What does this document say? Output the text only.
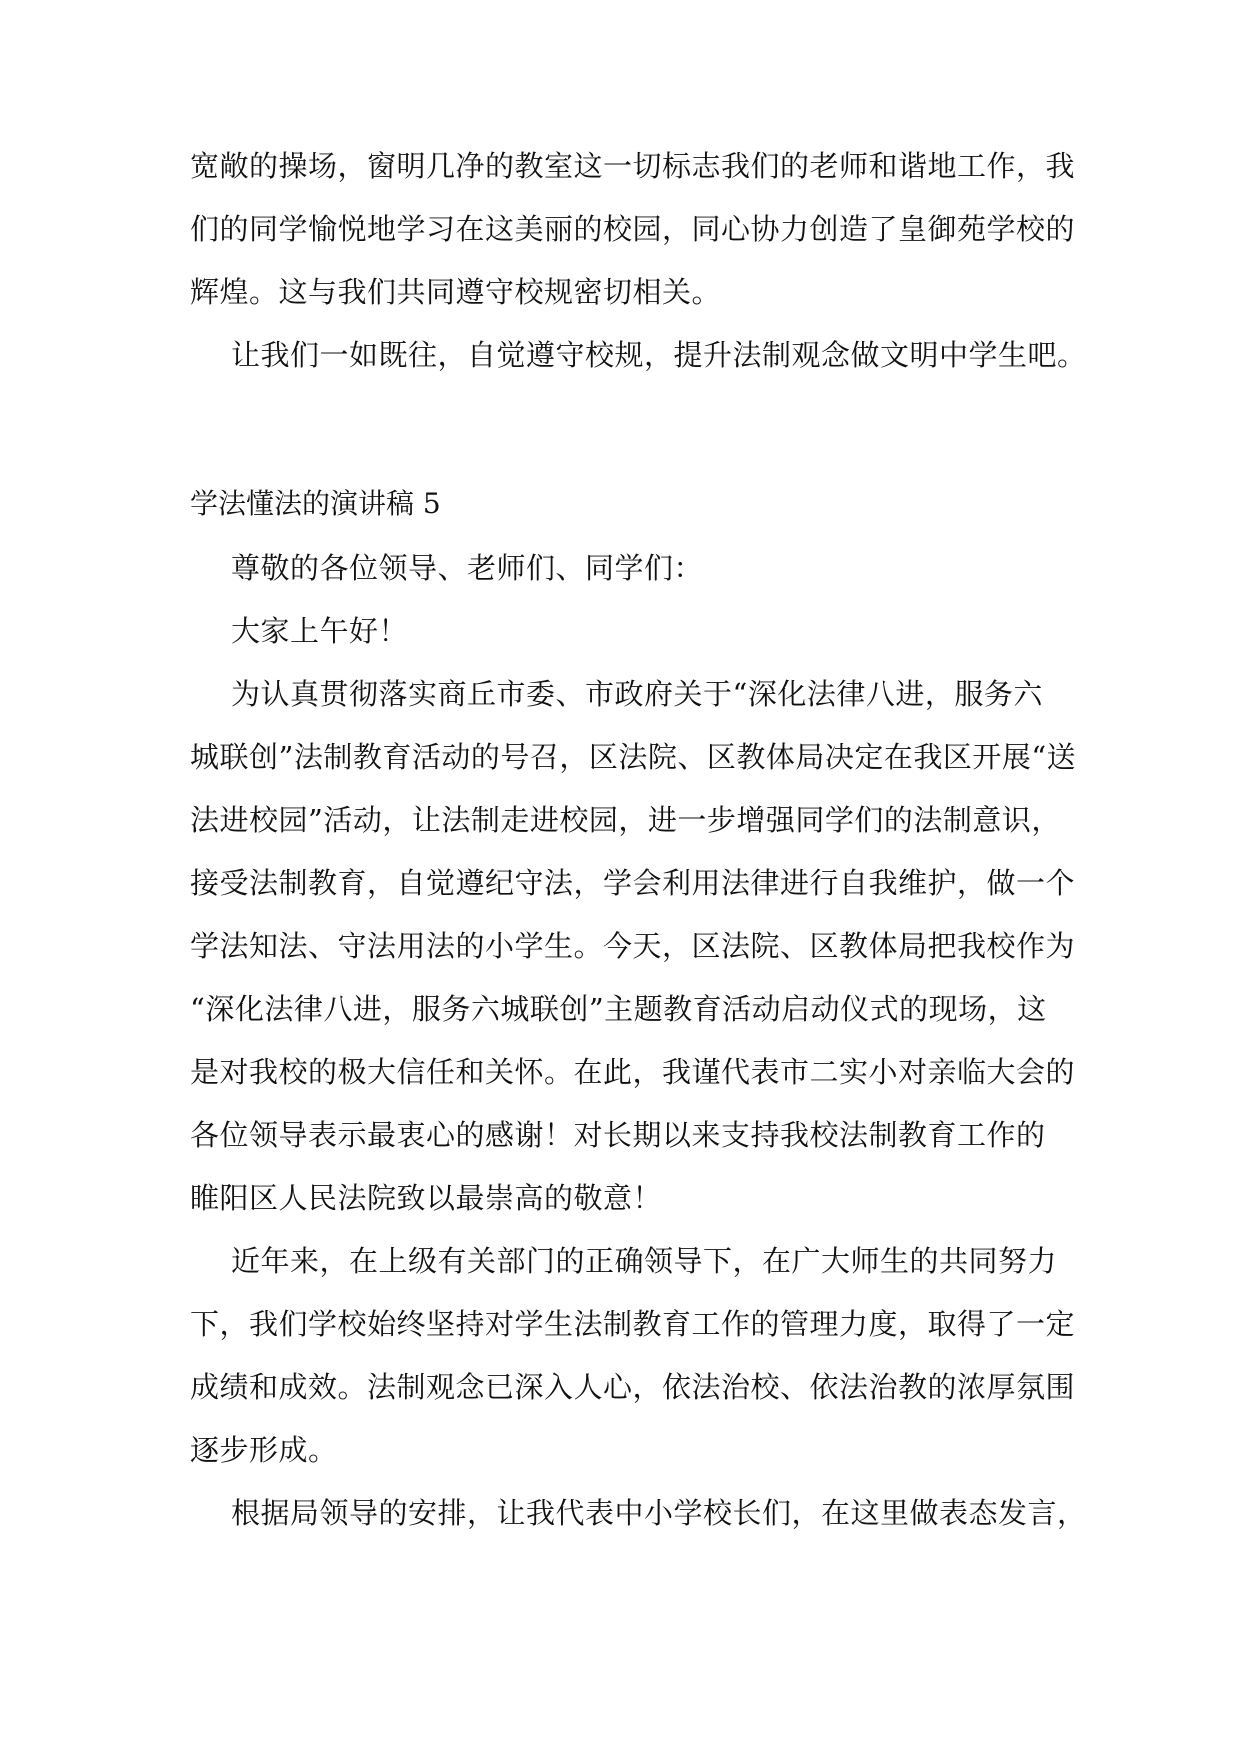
宽敞的操场，窗明几净的教室这一切标志我们的老师和谐地工作，我
们的同学愉悦地学习在这美丽的校园，同心协力创造了皇御苑学校的
辉煌。这与我们共同遵守校规密切相关。
让我们一如既往，自觉遵守校规，提升法制观念做文明中学生吧。
学法懂法的演讲稿 5
尊敬的各位领导、老师们、同学们：
大家上午好！
为认真贯彻落实商丘市委、市政府关于“深化法律八进，服务六
城联创”法制教育活动的号召，区法院、区教体局决定在我区开展“送
法进校园”活动，让法制走进校园，进一步增强同学们的法制意识，
接受法制教育，自觉遵纪守法，学会利用法律进行自我维护，做一个
学法知法、守法用法的小学生。今天，区法院、区教体局把我校作为
“深化法律八进，服务六城联创”主题教育活动启动仪式的现场，这
是对我校的极大信任和关怀。在此，我谨代表市二实小对亲临大会的
各位领导表示最衷心的感谢！对长期以来支持我校法制教育工作的
睢阳区人民法院致以最崇高的敬意！
近年来，在上级有关部门的正确领导下，在广大师生的共同努力
下，我们学校始终坚持对学生法制教育工作的管理力度，取得了一定
成绩和成效。法制观念已深入人心，依法治校、依法治教的浓厚氛围
逐步形成。
根据局领导的安排，让我代表中小学校长们，在这里做表态发言，
